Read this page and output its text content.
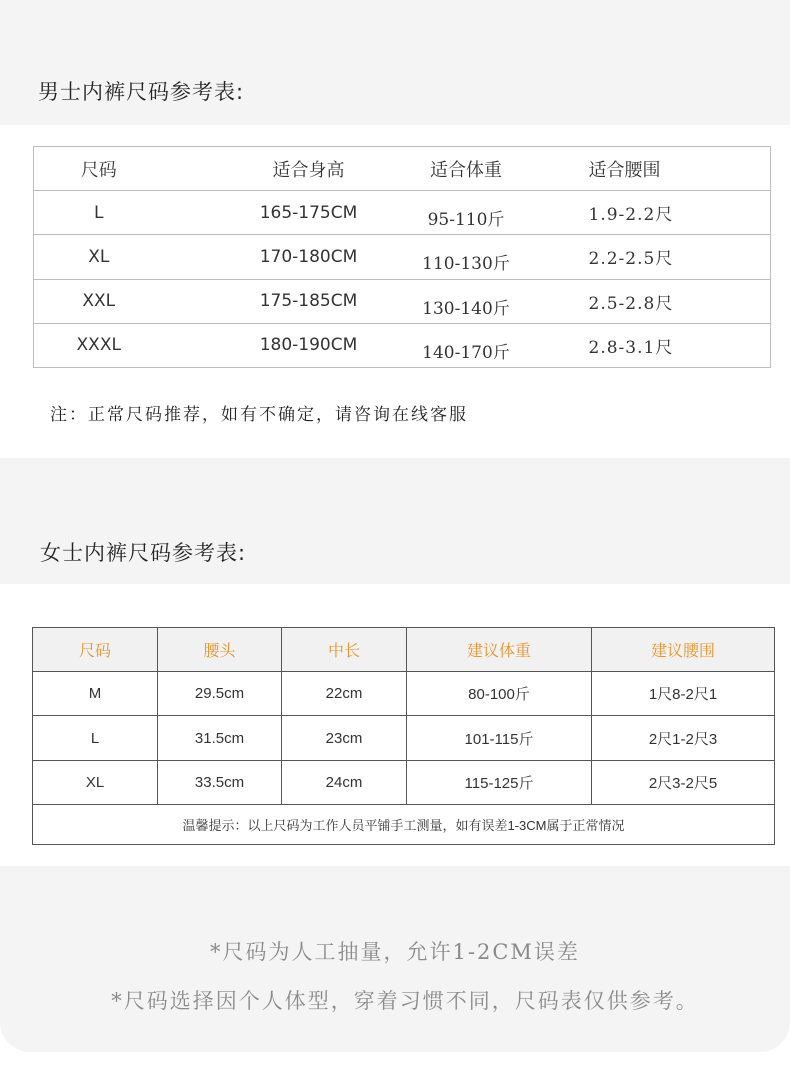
男士内裤尺码参考表:
尺码	适合身高	适合体重	适合腰围
L	165-175CM	95-110斤	1.9-2.2尺
XL	170-180CM	110-130斤	2.2-2.5尺
XXL	175-185CM	130-140斤	2.5-2.8尺
XXXL	180-190CM	140-170斤	2.8-3.1尺
注：正常尺码推荐，如有不确定，请咨询在线客服
女士内裤尺码参考表:
尺码	腰头	中长	建议体重	建议腰围
M	29.5cm	22cm	80-100斤	1尺8-2尺1
L	31.5cm	23cm	101-115斤	2尺1-2尺3
XL	33.5cm	24cm	115-125斤	2尺3-2尺5
温馨提示：以上尺码为工作人员平铺手工测量，如有误差1-3CM属于正常情况				
*尺码为人工抽量，允许1-2CM误差
*尺码选择因个人体型，穿着习惯不同，尺码表仅供参考。
